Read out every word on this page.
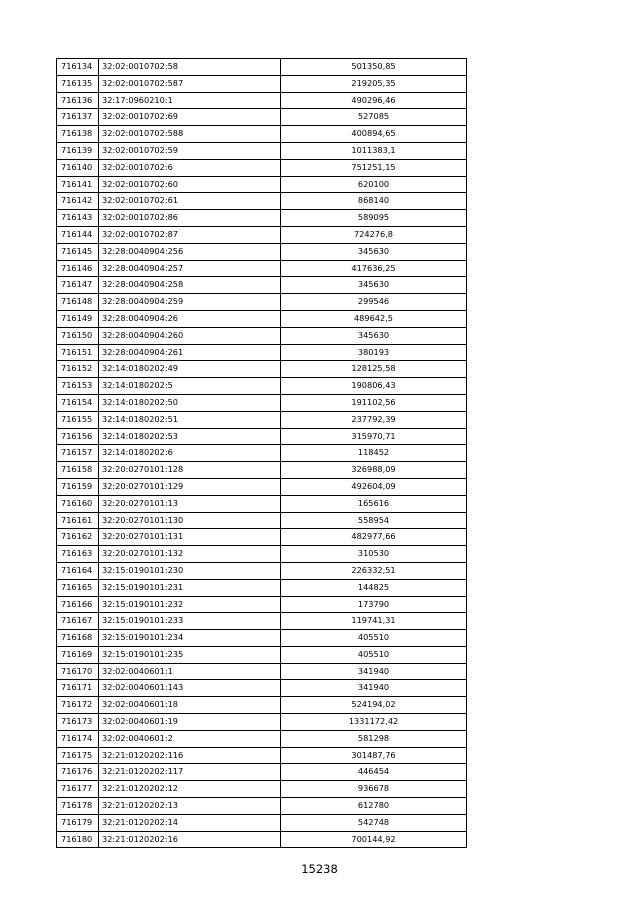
716134	32:02:0010702:58	501350,85
716135	32:02:0010702:587	219205,35
716136	32:17:0960210:1	490296,46
716137	32:02:0010702:69	527085
716138	32:02:0010702:588	400894,65
716139	32:02:0010702:59	1011383,1
716140	32:02:0010702:6	751251,15
716141	32:02:0010702:60	620100
716142	32:02:0010702:61	868140
716143	32:02:0010702:86	589095
716144	32:02:0010702:87	724276,8
716145	32:28:0040904:256	345630
716146	32:28:0040904:257	417636,25
716147	32:28:0040904:258	345630
716148	32:28:0040904:259	299546
716149	32:28:0040904:26	489642,5
716150	32:28:0040904:260	345630
716151	32:28:0040904:261	380193
716152	32:14:0180202:49	128125,58
716153	32:14:0180202:5	190806,43
716154	32:14:0180202:50	191102,56
716155	32:14:0180202:51	237792,39
716156	32:14:0180202:53	315970,71
716157	32:14:0180202:6	118452
716158	32:20:0270101:128	326988,09
716159	32:20:0270101:129	492604,09
716160	32:20:0270101:13	165616
716161	32:20:0270101:130	558954
716162	32:20:0270101:131	482977,66
716163	32:20:0270101:132	310530
716164	32:15:0190101:230	226332,51
716165	32:15:0190101:231	144825
716166	32:15:0190101:232	173790
716167	32:15:0190101:233	119741,31
716168	32:15:0190101:234	405510
716169	32:15:0190101:235	405510
716170	32:02:0040601:1	341940
716171	32:02:0040601:143	341940
716172	32:02:0040601:18	524194,02
716173	32:02:0040601:19	1331172,42
716174	32:02:0040601:2	581298
716175	32:21:0120202:116	301487,76
716176	32:21:0120202:117	446454
716177	32:21:0120202:12	936678
716178	32:21:0120202:13	612780
716179	32:21:0120202:14	542748
716180	32:21:0120202:16	700144,92
15238
